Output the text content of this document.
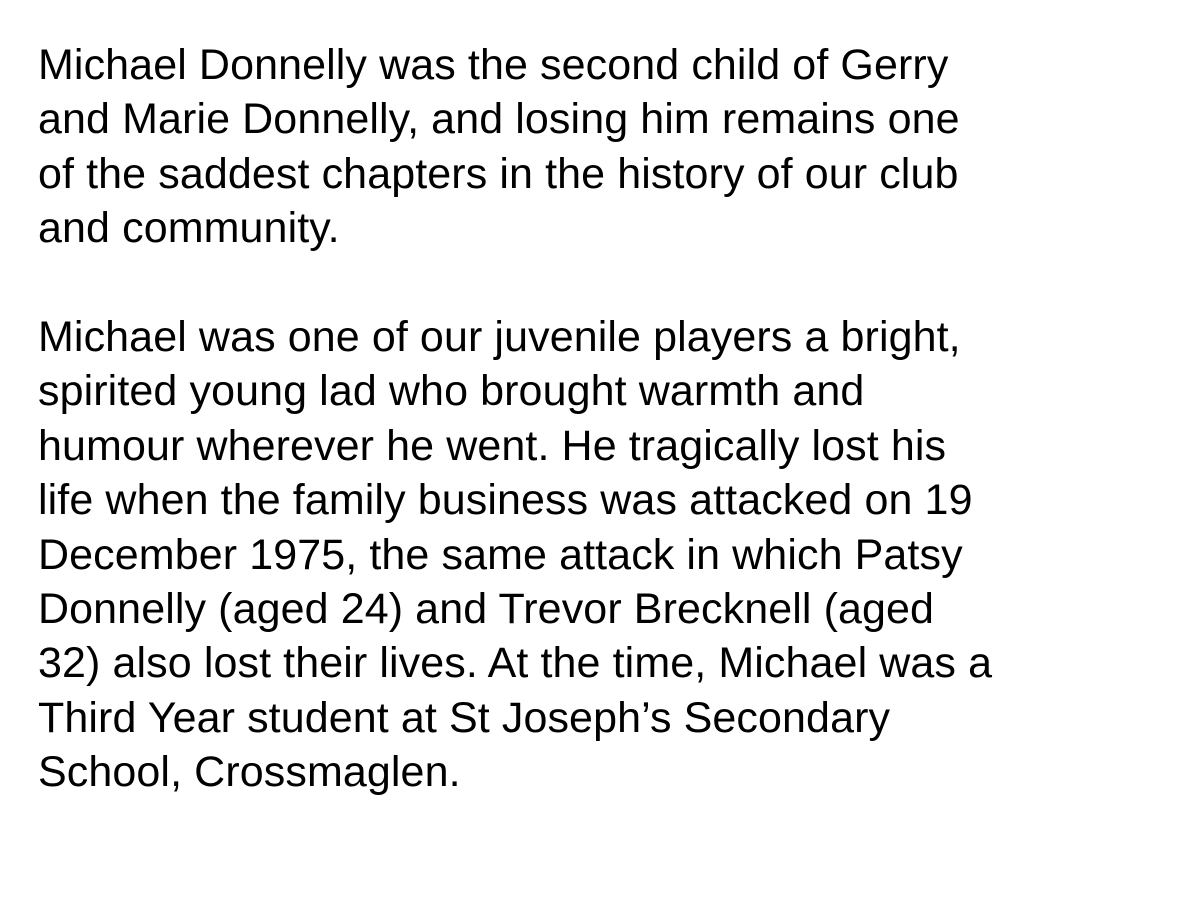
Michael Donnelly was the second child of Gerry
and Marie Donnelly, and losing him remains one
of the saddest chapters in the history of our club
and community.

Michael was one of our juvenile players a bright,
spirited young lad who brought warmth and
humour wherever he went. He tragically lost his
life when the family business was attacked on 19
December 1975, the same attack in which Patsy
Donnelly (aged 24) and Trevor Brecknell (aged
32) also lost their lives. At the time, Michael was a
Third Year student at St Joseph’s Secondary
School, Crossmaglen.
